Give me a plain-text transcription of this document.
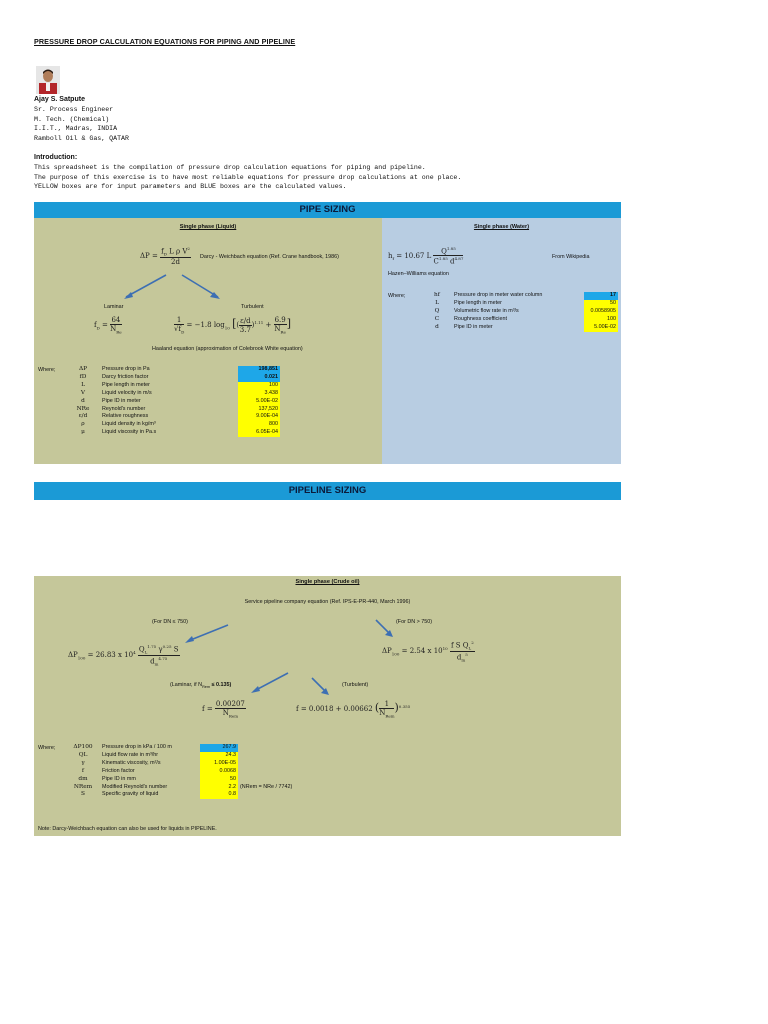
PRESSURE DROP CALCULATION EQUATIONS FOR PIPING AND PIPELINE
Ajay S. Satpute
Sr. Process Engineer
M. Tech. (Chemical)
I.I.T., Madras, INDIA
Ramboll Oil & Gas, QATAR
Introduction:
This spreadsheet is the compilation of pressure drop calculation equations for piping and pipeline.
The purpose of this exercise is to have most reliable equations for pressure drop calculations at one place.
YELLOW boxes are for input parameters and BLUE boxes are the calculated values.
PIPE SIZING
Single phase (Liquid)
$\Delta P = \frac{f_D L \rho V^2}{2d}$ Darcy - Weichbach equation (Ref. Crane handbook, 1986)
Laminar	Turbulent
$f_D = \frac{64}{N_{Re}}$	$\frac{1}{√f_D} = -1.8$ $\log_{10}$ [( $\frac{\varepsilon/d}{3.7} )^{1.11} + \frac{6.9}{N_{Re}}$ ]
Haaland equation (approximation of Colebrook White equation)
Where;	ΔP	Pressure drop in Pa	198,851
fD	Darcy friction factor	0.021
L	Pipe length in meter	100
V	Liquid velocity in m/s	3.438
d	Pipe ID in meter	5.00E-02
NRe	Reynold's number	137,520
ε/d	Relative roughness	9.00E-04
ρ	Liquid density in kg/m³	800
μ	Liquid viscosity in Pa.s	6.05E-04
Single phase (Water)
$h_f = 10.67$ L $\frac{Q^{1.85}}{C^{1.85} d^{4.87}}$	From Wikipedia
Hazen–Williams equation
Where;	hf	Pressure drop in meter water column	17
L	Pipe length in meter	50
Q	Volumetric flow rate in m³/s	0.0058905
C	Roughness coefficient	100
d	Pipe ID in meter	5.00E-02
PIPELINE SIZING
Single phase (Crude oil)
Service pipeline company equation (Ref. IPS-E-PR-440, March 1996)
(For DN ≤ 750)	(For DN > 750)
$\Delta P_{100} = 26.83$ x $10^4 \frac{Q_L^{1.75} \gamma^{0.25} S}{d_m^{4.75}}$	$\Delta P_{100} = 2.54$ x $10^{10} \frac{f S Q_L^2}{d_m^5}$
(Laminar, if $N_{Rem} \le 0.135$)	(Turbulent)
$f = \frac{0.00207}{N_{Rem}}$	f = 0.0018 + 0.00662 ( $\frac{1}{N_{Rem}} )^{0.355}$
Where;	ΔP100 Pressure drop in kPa / 100 m	267.9
QL	Liquid flow rate in m³/hr	24.3
γ	Kinematic viscosity, m²/s	1.00E-05
f	Friction factor	0.0068
dm	Pipe ID in mm	50
NRem	Modified Reynold's number	2.2 (NRem = NRe / 7742)
S	Specific gravity of liquid	0.8
Note: Darcy-Weichbach equation can also be used for liquids in PIPELINE.
